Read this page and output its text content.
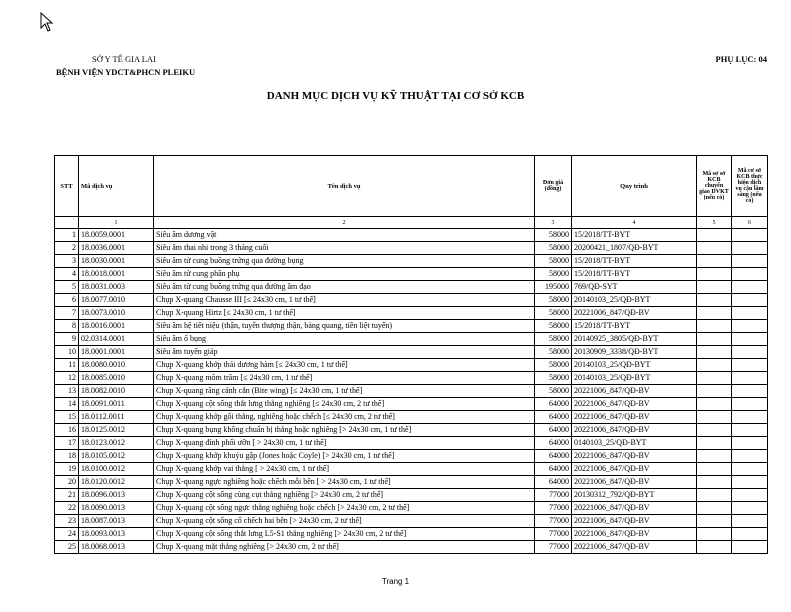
SỞ Y TẾ GIA LAI
BỆNH VIỆN YDCT&PHCN PLEIKU
PHỤ LỤC: 04
DANH MỤC DỊCH VỤ KỸ THUẬT TẠI CƠ SỞ KCB
STT	Mã dịch vụ	Tên dịch vụ	Đơn giá (đồng)	Quy trình	Mã sơ sở KCB chuyển giao DVKT (nếu có)	Mã cơ sở KCB thực hiện dịch vụ cận lâm sàng (nếu có)
	1	2	3	4	5	6
1	18.0059.0001	Siêu âm dương vật	58000	15/2018/TT-BYT		
2	18.0036.0001	Siêu âm thai nhi trong 3 tháng cuối	58000	20200421_1807/QĐ-BYT		
3	18.0030.0001	Siêu âm tử cung buồng trứng qua đường bụng	58000	15/2018/TT-BYT		
4	18.0018.0001	Siêu âm tử cung phần phụ	58000	15/2018/TT-BYT		
5	18.0031.0003	Siêu âm tử cung buồng trứng qua đường âm đạo	195000	769/QĐ-SYT		
6	18.0077.0010	Chụp X-quang Chausse III [≤ 24x30 cm, 1 tư thế]	58000	20140103_25/QĐ-BYT		
7	18.0073.0010	Chụp X-quang Hirtz [≤ 24x30 cm, 1 tư thế]	58000	20221006_847/QĐ-BV		
8	18.0016.0001	Siêu âm hệ tiết niệu (thận, tuyến thượng thận, bàng quang, tiền liệt tuyến)	58000	15/2018/TT-BYT		
9	02.0314.0001	Siêu âm ổ bụng	58000	20140925_3805/QĐ-BYT		
10	18.0001.0001	Siêu âm tuyến giáp	58000	20130909_3338/QĐ-BYT		
11	18.0080.0010	Chụp X-quang khớp thái dương hàm [≤ 24x30 cm, 1 tư thế]	58000	20140103_25/QĐ-BYT		
12	18.0085.0010	Chụp X-quang mõm trâm [≤ 24x30 cm, 1 tư thế]	58000	20140103_25/QĐ-BYT		
13	18.0082.0010	Chụp X-quang răng cánh cắn (Bite wing) [≤ 24x30 cm, 1 tư thế]	58000	20221006_847/QĐ-BV		
14	18.0091.0011	Chụp X-quang cột sống thắt lưng thẳng nghiêng [≤ 24x30 cm, 2 tư thế]	64000	20221006_847/QĐ-BV		
15	18.0112.0011	Chụp X-quang khớp gối thẳng, nghiêng hoặc chếch [≤ 24x30 cm, 2 tư thế]	64000	20221006_847/QĐ-BV		
16	18.0125.0012	Chụp X-quang bụng không chuẩn bị thẳng hoặc nghiêng [> 24x30 cm, 1 tư thế]	64000	20221006_847/QĐ-BV		
17	18.0123.0012	Chụp X-quang đỉnh phổi ưỡn [ > 24x30 cm, 1 tư thế]	64000	0140103_25/QĐ-BYT		
18	18.0105.0012	Chụp X-quang khớp khuỷu gập (Jones hoặc Coyle) [> 24x30 cm, 1 tư thế]	64000	20221006_847/QĐ-BV		
19	18.0100.0012	Chụp X-quang khớp vai thẳng [ > 24x30 cm, 1 tư thế]	64000	20221006_847/QĐ-BV		
20	18.0120.0012	Chụp X-quang ngực nghiêng hoặc chếch mỗi bên [ > 24x30 cm, 1 tư thế]	64000	20221006_847/QĐ-BV		
21	18.0096.0013	Chụp X-quang cột sống cùng cụt thẳng nghiêng [> 24x30 cm, 2 tư thế]	77000	20130312_792/QĐ-BYT		
22	18.0090.0013	Chụp X-quang cột sống ngực thẳng nghiêng hoặc chếch [> 24x30 cm, 2 tư thế]	77000	20221006_847/QĐ-BV		
23	18.0087.0013	Chụp X-quang cột sống cổ chếch hai bên [> 24x30 cm, 2 tư thế]	77000	20221006_847/QĐ-BV		
24	18.0093.0013	Chụp X-quang cột sống thắt lưng L5-S1 thẳng nghiêng [> 24x30 cm, 2 tư thế]	77000	20221006_847/QĐ-BV		
25	18.0068.0013	Chụp X-quang mặt thẳng nghiêng [> 24x30 cm, 2 tư thế]	77000	20221006_847/QĐ-BV		
Trang 1
